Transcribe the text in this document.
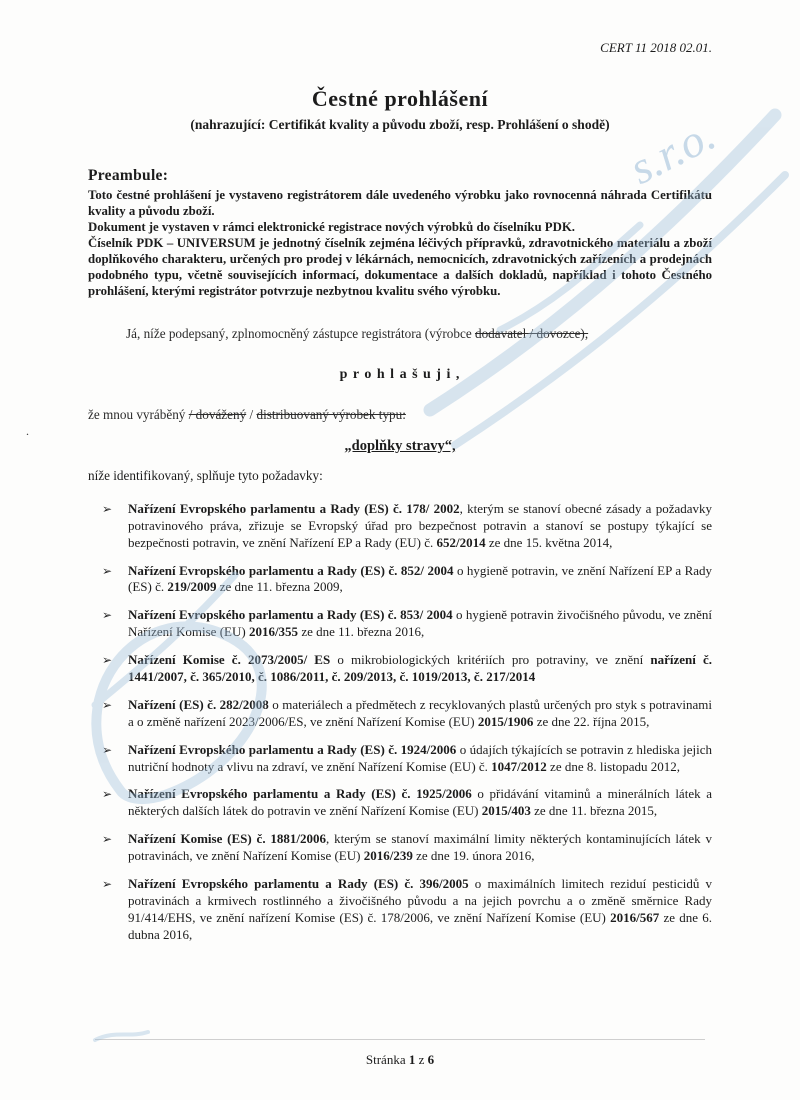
s.r.o.
CERT 11 2018 02.01.
Čestné prohlášení
(nahrazující: Certifikát kvality a původu zboží, resp. Prohlášení o shodě)
Preambule:

Toto čestné prohlášení je vystaveno registrátorem dále uvedeného výrobku jako rovnocenná náhrada Certifikátu kvality a původu zboží.

Dokument je vystaven v rámci elektronické registrace nových výrobků do číselníku PDK.

Číselník PDK – UNIVERSUM je jednotný číselník zejména léčivých přípravků, zdravotnického materiálu a zboží doplňkového charakteru, určených pro prodej v lékárnách, nemocnicích, zdravotnických zařízeních a prodejnách podobného typu, včetně souvisejících informací, dokumentace a dalších dokladů, například i tohoto Čestného prohlášení, kterými registrátor potvrzuje nezbytnou kvalitu svého výrobku.

Já, níže podepsaný, zplnomocněný zástupce registrátora (výrobce dodavatel / dovozce),

p r o h l a š u j i ,

že mnou vyráběný / dovážený / distribuovaný výrobek typu:

„doplňky stravy“,

níže identifikovaný, splňuje tyto požadavky:

➢	Nařízení Evropského parlamentu a Rady (ES) č. 178/ 2002, kterým se stanoví obecné zásady a požadavky potravinového práva, zřizuje se Evropský úřad pro bezpečnost potravin a stanoví se postupy týkající se bezpečnosti potravin, ve znění Nařízení EP a Rady (EU) č. 652/2014 ze dne 15. května 2014,
➢	Nařízení Evropského parlamentu a Rady (ES) č. 852/ 2004 o hygieně potravin, ve znění Nařízení EP a Rady (ES) č. 219/2009 ze dne 11. března 2009,
➢	Nařízení Evropského parlamentu a Rady (ES) č. 853/ 2004 o hygieně potravin živočišného původu, ve znění Nařízení Komise (EU) 2016/355 ze dne 11. března 2016,
➢	Nařízení Komise č. 2073/2005/ ES o mikrobiologických kritériích pro potraviny, ve znění nařízení č. 1441/2007, č. 365/2010, č. 1086/2011, č. 209/2013, č. 1019/2013, č. 217/2014
➢	Nařízení (ES) č. 282/2008 o materiálech a předmětech z recyklovaných plastů určených pro styk s potravinami a o změně nařízení 2023/2006/ES, ve znění Nařízení Komise (EU) 2015/1906 ze dne 22. října 2015,
➢	Nařízení Evropského parlamentu a Rady (ES) č. 1924/2006 o údajích týkajících se potravin z hlediska jejich nutriční hodnoty a vlivu na zdraví, ve znění Nařízení Komise (EU) č. 1047/2012 ze dne 8. listopadu 2012,
➢	Nařízení Evropského parlamentu a Rady (ES) č. 1925/2006 o přidávání vitaminů a minerálních látek a některých dalších látek do potravin ve znění Nařízení Komise (EU) 2015/403 ze dne 11. března 2015,
➢	Nařízení Komise (ES) č. 1881/2006, kterým se stanoví maximální limity některých kontaminujících látek v potravinách, ve znění Nařízení Komise (EU) 2016/239 ze dne 19. února 2016,
➢	Nařízení Evropského parlamentu a Rady (ES) č. 396/2005 o maximálních limitech reziduí pesticidů v potravinách a krmivech rostlinného a živočišného původu a na jejich povrchu a o změně směrnice Rady 91/414/EHS, ve znění nařízení Komise (ES) č. 178/2006, ve znění Nařízení Komise (EU) 2016/567 ze dne 6. dubna 2016,
.
Stránka 1 z 6
